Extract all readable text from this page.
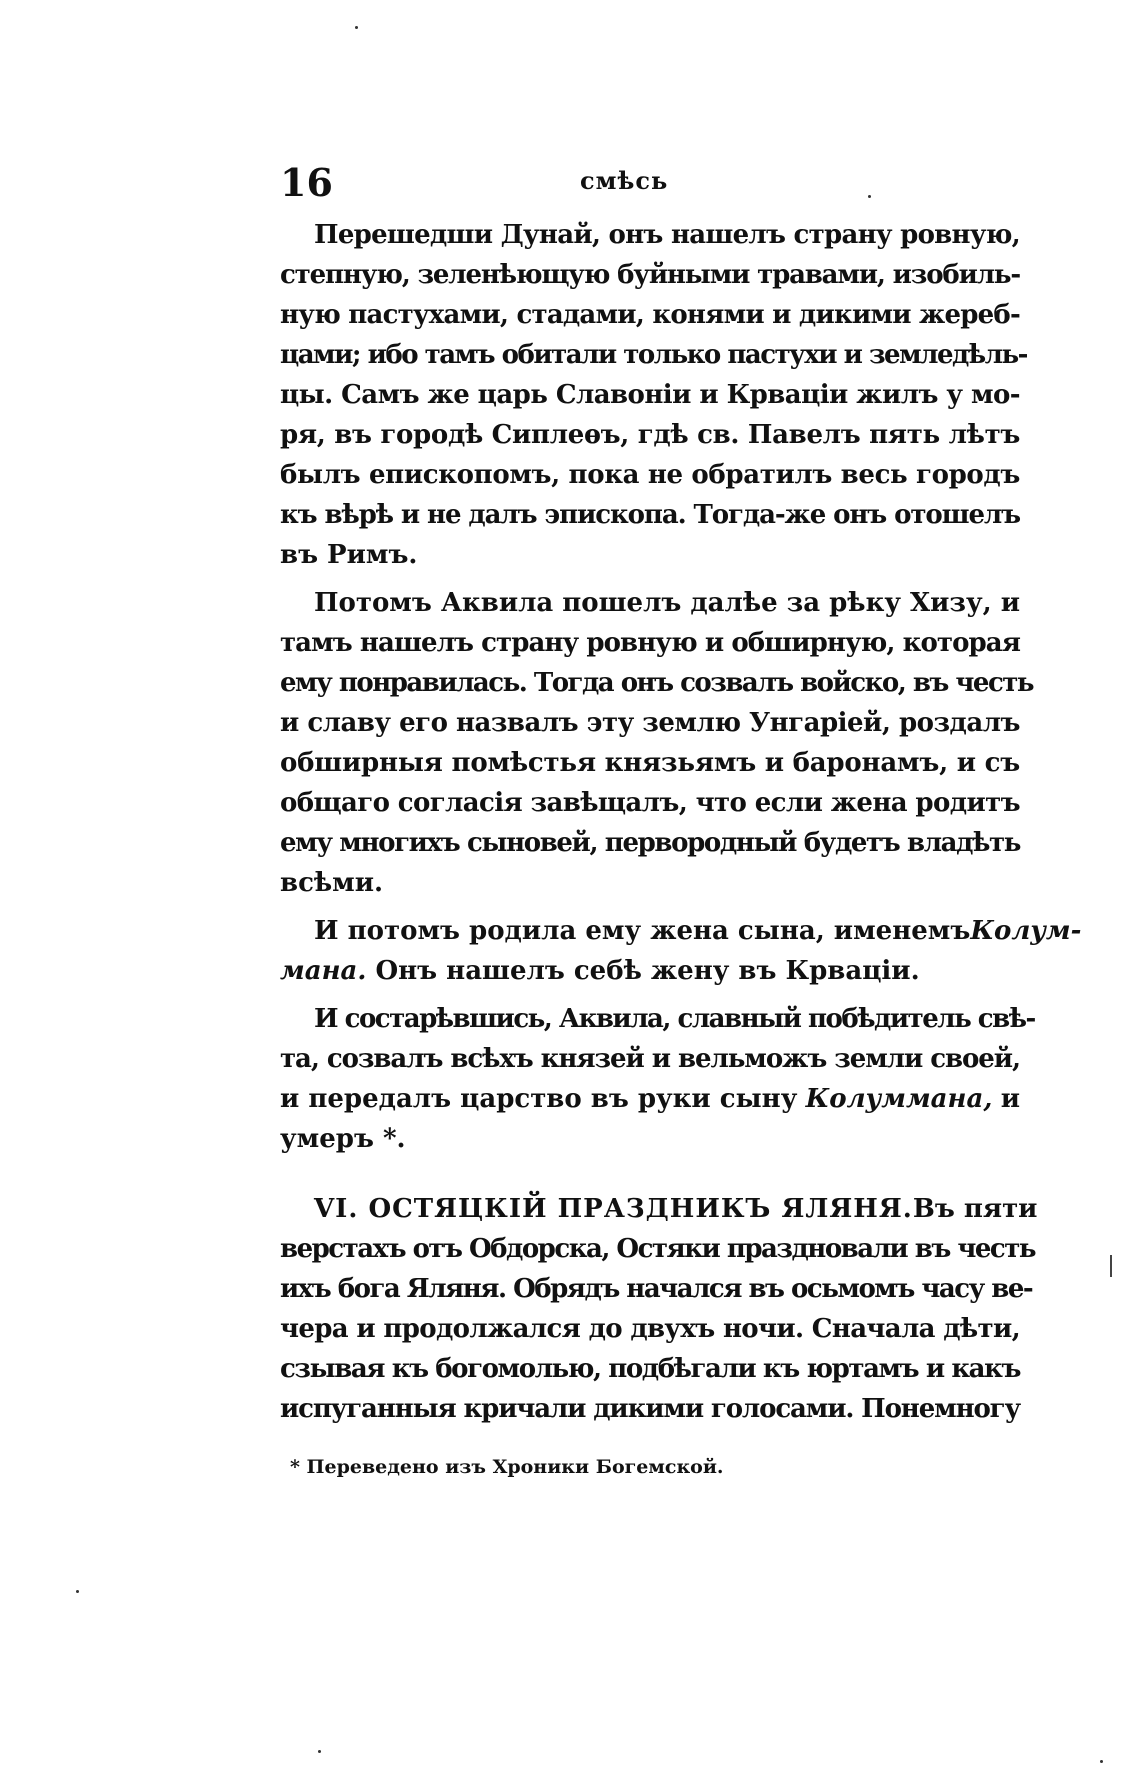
16	смѣсь
Перешедши Дунай, онъ нашелъ страну ровную,
степную, зеленѣющую буйными травами, изобиль-
ную пастухами, стадами, конями и дикими жереб-
цами; ибо тамъ обитали только пастухи и земледѣль-
цы. Самъ же царь Славоніи и Крваціи жилъ у мо-
ря, въ городѣ Сиплеѳъ, гдѣ св. Павелъ пять лѣтъ
былъ епископомъ, пока не обратилъ весь городъ
къ вѣрѣ и не далъ эпископа. Тогда-же онъ отошелъ
въ Римъ.
Потомъ Аквила пошелъ далѣе за рѣку Хизу, и
тамъ нашелъ страну ровную и обширную, которая
ему понравилась. Тогда онъ созвалъ войско, въ честь
и славу его назвалъ эту землю Унгаріей, роздалъ
обширныя помѣстья князьямъ и баронамъ, и съ
общаго согласія завѣщалъ, что если жена родитъ
ему многихъ сыновей, первородный будетъ владѣть
всѣми.
И потомъ родила ему жена сына, именемъ Колум-
мана.
Онъ нашелъ себѣ жену въ Крваціи.
И состарѣвшись, Аквила, славный побѣдитель свѣ-
та, созвалъ всѣхъ князей и вельможъ земли своей,
и передалъ царство въ руки сыну Колуммана, и
умеръ *.
VI. ОСТЯЦКІЙ ПРАЗДНИКЪ ЯЛЯНЯ. Въ пяти
верстахъ отъ Обдорска, Остяки праздновали въ честь
ихъ бога Яляня. Обрядъ начался въ осьмомъ часу ве-
чера и продолжался до двухъ ночи. Сначала дѣти,
сзывая къ богомолью, подбѣгали къ юртамъ и какъ
испуганныя кричали дикими голосами. Понемногу
* Переведено изъ Хроники Богемской.
